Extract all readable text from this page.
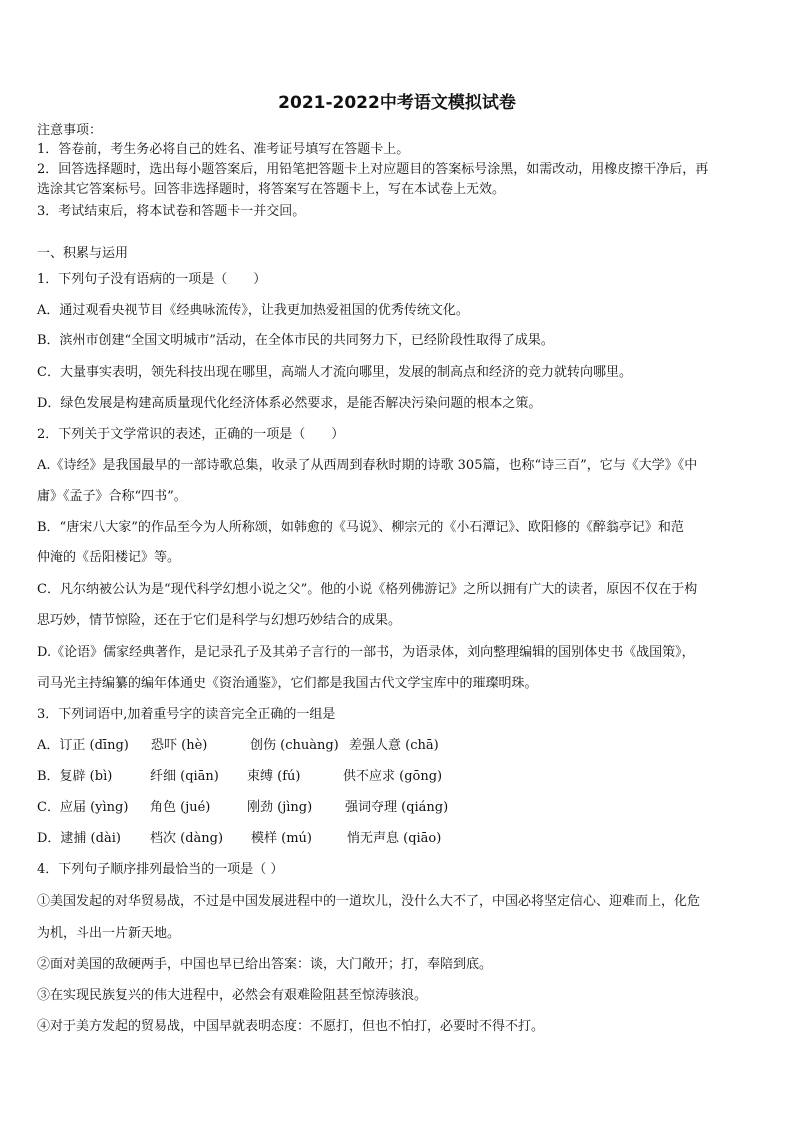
2021-2022中考语文模拟试卷
注意事项：
1．答卷前，考生务必将自己的姓名、准考证号填写在答题卡上。
2．回答选择题时，选出每小题答案后，用铅笔把答题卡上对应题目的答案标号涂黑，如需改动，用橡皮擦干净后，再
选涂其它答案标号。回答非选择题时，将答案写在答题卡上，写在本试卷上无效。
3．考试结束后，将本试卷和答题卡一并交回。
一、积累与运用
1．下列句子没有语病的一项是（　　）
A．通过观看央视节目《经典咏流传》，让我更加热爱祖国的优秀传统文化。
B．滨州市创建“全国文明城市”活动，在全体市民的共同努力下，已经阶段性取得了成果。
C．大量事实表明，领先科技出现在哪里，高端人才流向哪里，发展的制高点和经济的竞力就转向哪里。
D．绿色发展是构建高质量现代化经济体系必然要求，是能否解决污染问题的根本之策。
2．下列关于文学常识的表述，正确的一项是（　　）
A.《诗经》是我国最早的一部诗歌总集，收录了从西周到春秋时期的诗歌 305篇，也称“诗三百”，它与《大学》《中
庸》《孟子》合称“四书”。
B．“唐宋八大家”的作品至今为人所称颂，如韩愈的《马说》、柳宗元的《小石潭记》、欧阳修的《醉翁亭记》和范
仲淹的《岳阳楼记》等。
C．凡尔纳被公认为是“现代科学幻想小说之父”。他的小说《格列佛游记》之所以拥有广大的读者，原因不仅在于构
思巧妙，情节惊险，还在于它们是科学与幻想巧妙结合的成果。
D.《论语》儒家经典著作，是记录孔子及其弟子言行的一部书，为语录体，刘向整理编辑的国别体史书《战国策》，
司马光主持编纂的编年体通史《资治通鉴》，它们都是我国古代文学宝库中的璀璨明珠。
3．下列词语中,加着重号字的读音完全正确的一组是
A．订正 (dīng) 恐吓 (hè)	创伤 (chuàng) 差强人意 (chā)
B．复辟 (bì)	纤细 (qiān) 束缚 (fú)	供不应求 (gōng)
C．应届 (yìng) 角色 (jué)	刚劲 (jìng)	强词夺理 (qiáng)
D．逮捕 (dài) 档次 (dàng) 模样 (mú)	悄无声息 (qiāo)
4．下列句子顺序排列最恰当的一项是（ ）
①美国发起的对华贸易战，不过是中国发展进程中的一道坎儿，没什么大不了，中国必将坚定信心、迎难而上，化危
为机，斗出一片新天地。
②面对美国的敌硬两手，中国也早已给出答案：谈，大门敞开；打，奉陪到底。
③在实现民族复兴的伟大进程中，必然会有艰难险阻甚至惊涛骇浪。
④对于美方发起的贸易战，中国早就表明态度：不愿打，但也不怕打，必要时不得不打。
